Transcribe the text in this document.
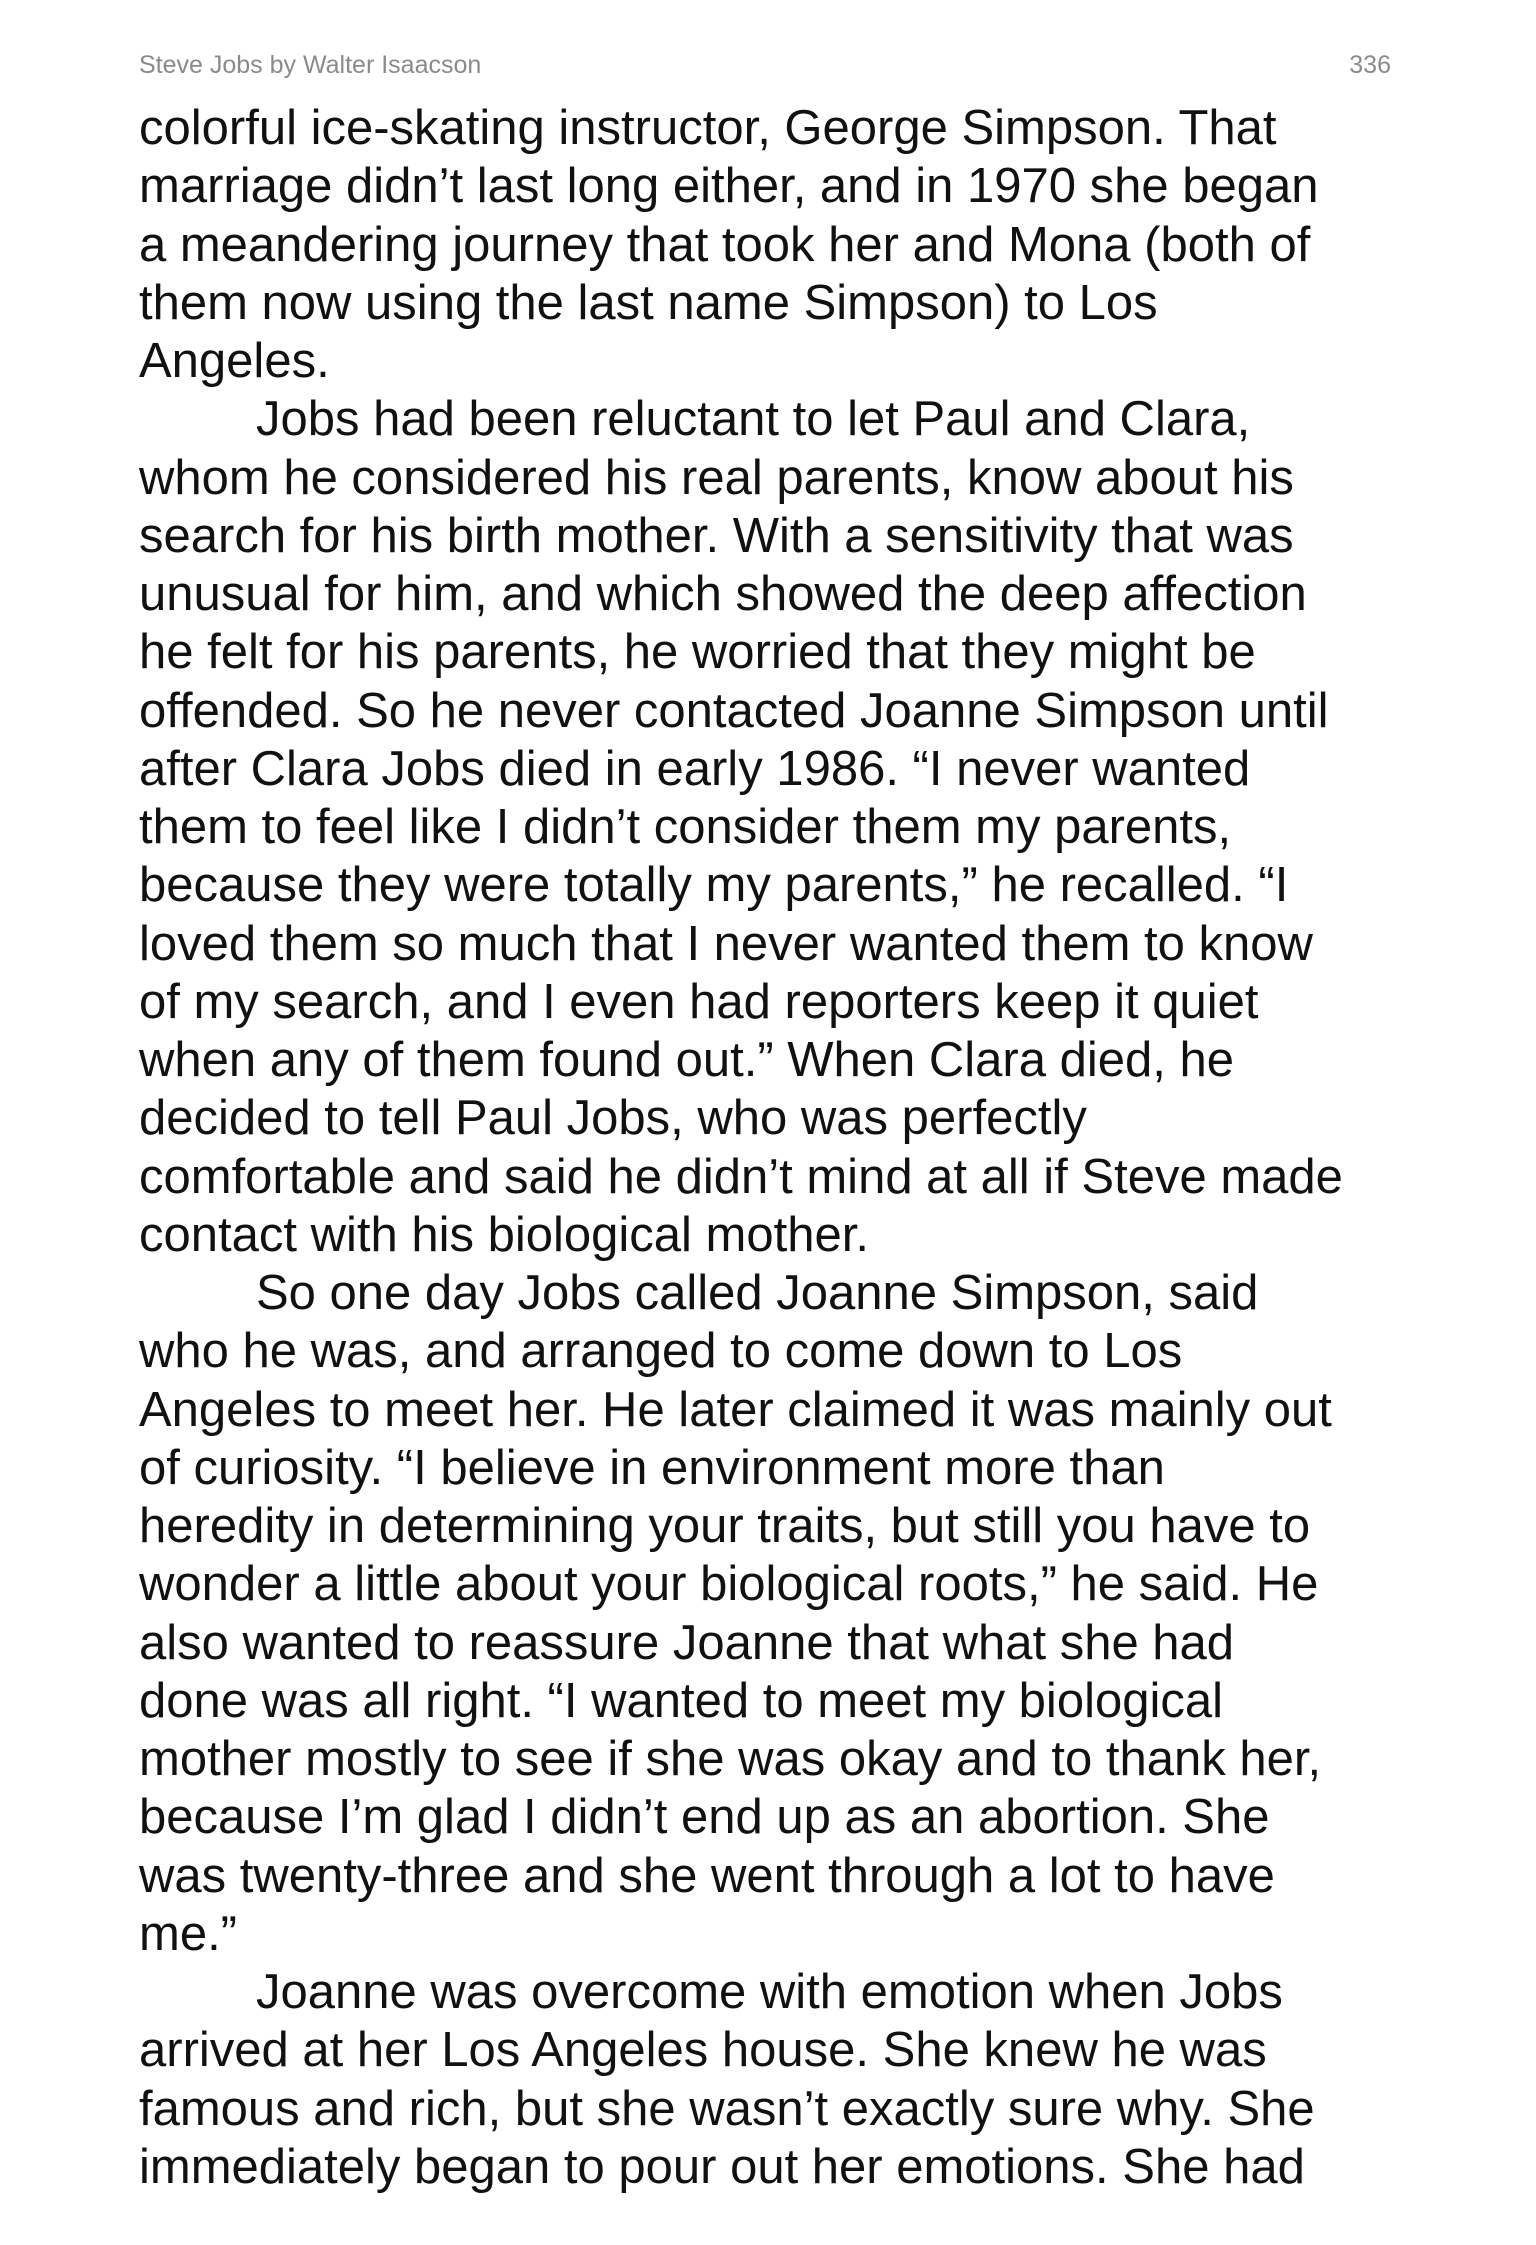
Steve Jobs by Walter Isaacson	336
colorful ice-skating instructor, George Simpson. That
marriage didn’t last long either, and in 1970 she began
a meandering journey that took her and Mona (both of
them now using the last name Simpson) to Los
Angeles.
Jobs had been reluctant to let Paul and Clara,
whom he considered his real parents, know about his
search for his birth mother. With a sensitivity that was
unusual for him, and which showed the deep affection
he felt for his parents, he worried that they might be
offended. So he never contacted Joanne Simpson until
after Clara Jobs died in early 1986. “I never wanted
them to feel like I didn’t consider them my parents,
because they were totally my parents,” he recalled. “I
loved them so much that I never wanted them to know
of my search, and I even had reporters keep it quiet
when any of them found out.” When Clara died, he
decided to tell Paul Jobs, who was perfectly
comfortable and said he didn’t mind at all if Steve made
contact with his biological mother.
So one day Jobs called Joanne Simpson, said
who he was, and arranged to come down to Los
Angeles to meet her. He later claimed it was mainly out
of curiosity. “I believe in environment more than
heredity in determining your traits, but still you have to
wonder a little about your biological roots,” he said. He
also wanted to reassure Joanne that what she had
done was all right. “I wanted to meet my biological
mother mostly to see if she was okay and to thank her,
because I’m glad I didn’t end up as an abortion. She
was twenty-three and she went through a lot to have
me.”
Joanne was overcome with emotion when Jobs
arrived at her Los Angeles house. She knew he was
famous and rich, but she wasn’t exactly sure why. She
immediately began to pour out her emotions. She had
